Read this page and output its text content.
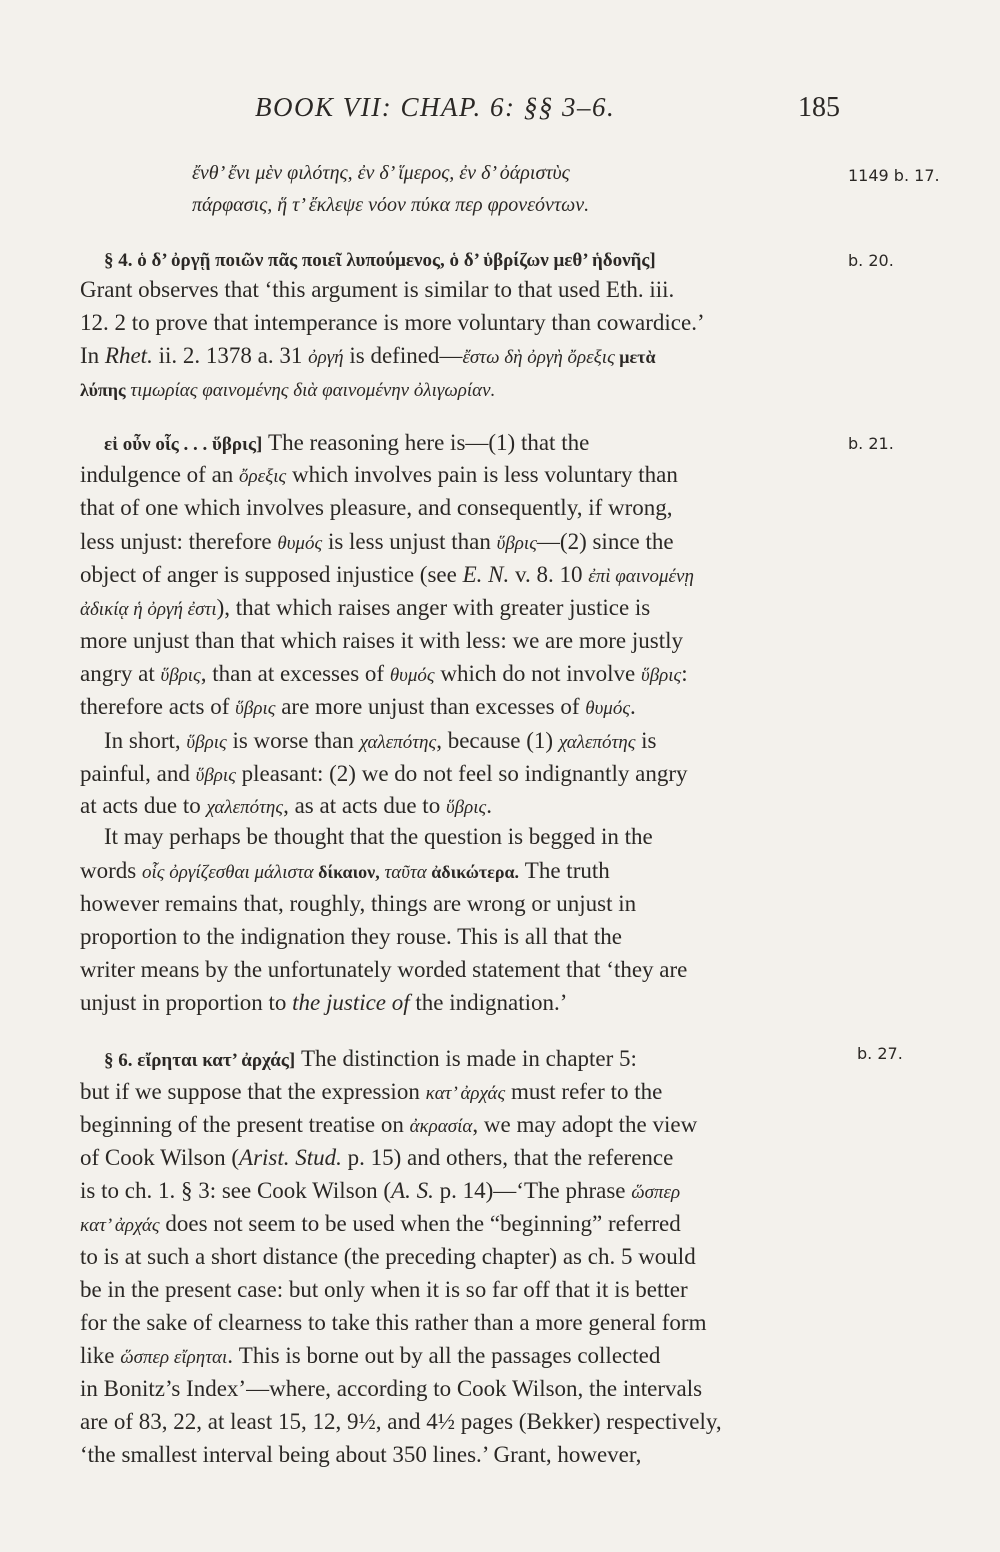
BOOK VII: CHAP. 6: §§ 3–6.	185
ἔνθ’ ἔνι μὲν φιλότης, ἐν δ’ ἵμερος, ἐν δ’ ὀάριστὺς
πάρφασις, ἥ τ’ ἔκλεψε νόον πύκα περ φρονεόντων.
1149 b. 17.
§ 4. ὁ δ’ ὀργῇ ποιῶν πᾶς ποιεῖ λυπούμενος, ὁ δ’ ὑβρίζων μεθ’ ἡδονῆς]	b. 20.
Grant observes that ‘this argument is similar to that used Eth. iii.
12. 2 to prove that intemperance is more voluntary than cowardice.’
In Rhet. ii. 2. 1378 a. 31 ὀργή is defined—ἔστω δὴ ὀργὴ ὄρεξις μετὰ
λύπης τιμωρίας φαινομένης διὰ φαινομένην ὀλιγωρίαν.
εἰ οὖν οἷς . . . ὕβρις] The reasoning here is—(1) that the	b. 21.
indulgence of an ὄρεξις which involves pain is less voluntary than
that of one which involves pleasure, and consequently, if wrong,
less unjust: therefore θυμός is less unjust than ὕβρις—(2) since the
object of anger is supposed injustice (see E. N. v. 8. 10 ἐπὶ φαινομένῃ
ἀδικίᾳ ἡ ὀργή ἐστι), that which raises anger with greater justice is
more unjust than that which raises it with less: we are more justly
angry at ὕβρις, than at excesses of θυμός which do not involve ὕβρις:
therefore acts of ὕβρις are more unjust than excesses of θυμός.
In short, ὕβρις is worse than χαλεπότης, because (1) χαλεπότης is
painful, and ὕβρις pleasant: (2) we do not feel so indignantly angry
at acts due to χαλεπότης, as at acts due to ὕβρις.
It may perhaps be thought that the question is begged in the
words οἷς ὀργίζεσθαι μάλιστα δίκαιον, ταῦτα ἀδικώτερα. The truth
however remains that, roughly, things are wrong or unjust in
proportion to the indignation they rouse. This is all that the
writer means by the unfortunately worded statement that ‘they are
unjust in proportion to the justice of the indignation.’
§ 6. εἴρηται κατ’ ἀρχάς] The distinction is made in chapter 5:	b. 27.
but if we suppose that the expression κατ’ ἀρχάς must refer to the
beginning of the present treatise on ἀκρασία, we may adopt the view
of Cook Wilson (Arist. Stud. p. 15) and others, that the reference
is to ch. 1. § 3: see Cook Wilson (A. S. p. 14)—‘The phrase ὥσπερ
κατ’ ἀρχάς does not seem to be used when the “beginning” referred
to is at such a short distance (the preceding chapter) as ch. 5 would
be in the present case: but only when it is so far off that it is better
for the sake of clearness to take this rather than a more general form
like ὥσπερ εἴρηται. This is borne out by all the passages collected
in Bonitz’s Index’—where, according to Cook Wilson, the intervals
are of 83, 22, at least 15, 12, 9½, and 4½ pages (Bekker) respectively,
‘the smallest interval being about 350 lines.’ Grant, however,
